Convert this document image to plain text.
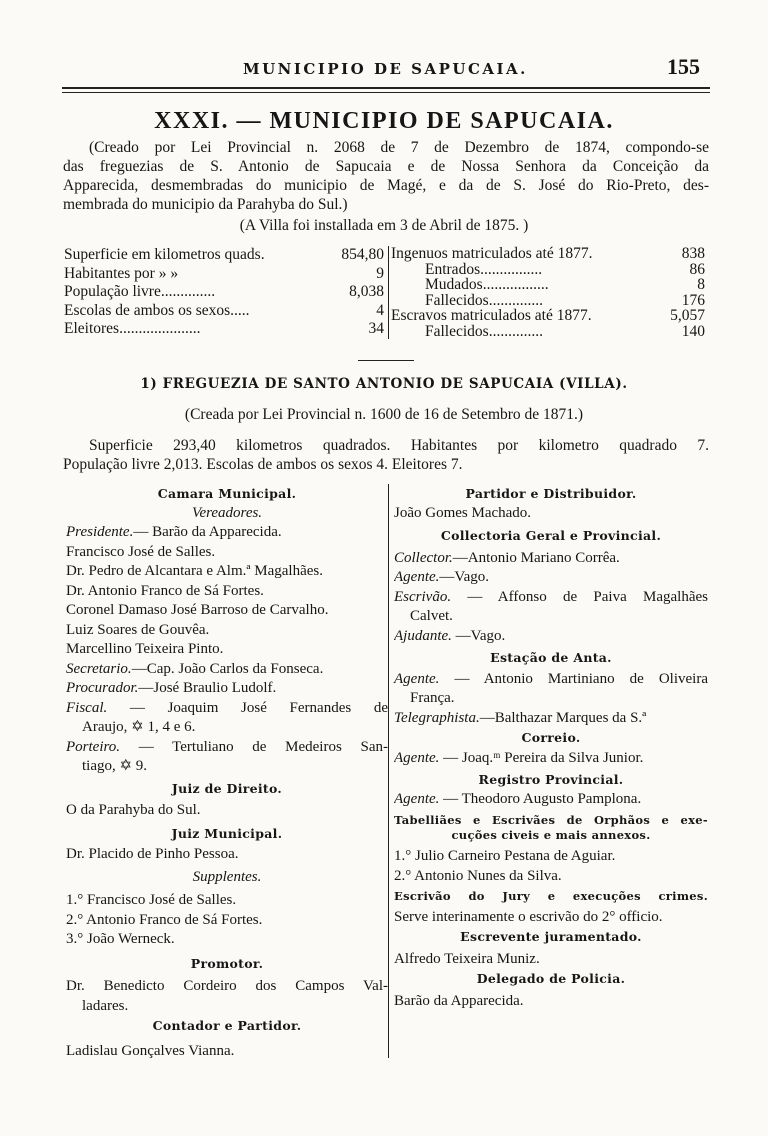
MUNICIPIO DE SAPUCAIA.	155
XXXI. — MUNICIPIO DE SAPUCAIA.
(Creado por Lei Provincial n. 2068 de 7 de Dezembro de 1874, compondo-se
das freguezias de S. Antonio de Sapucaia e de Nossa Senhora da Conceição da
Apparecida, desmembradas do municipio de Magé, e da de S. José do Rio-Preto, des-
membrada do municipio da Parahyba do Sul.)
(A Villa foi installada em 3 de Abril de 1875. )
Superficie em kilometros quads.	854,80
Habitantes por » »	9
População livre..............	8,038
Escolas de ambos os sexos.....	4
Eleitores.....................	34
Ingenuos matriculados até 1877.	838
Entrados................	86
Mudados.................	8
Fallecidos..............	176
Escravos matriculados até 1877.	5,057
Fallecidos..............	140
1) FREGUEZIA DE SANTO ANTONIO DE SAPUCAIA (VILLA).
(Creada por Lei Provincial n. 1600 de 16 de Setembro de 1871.)
Superficie 293,40 kilometros quadrados. Habitantes por kilometro quadrado 7.
População livre 2,013. Escolas de ambos os sexos 4. Eleitores 7.
Camara Municipal.
Vereadores.
Presidente.— Barão da Apparecida.
Francisco José de Salles.
Dr. Pedro de Alcantara e Alm.ª Magalhães.
Dr. Antonio Franco de Sá Fortes.
Coronel Damaso José Barroso de Carvalho.
Luiz Soares de Gouvêa.
Marcellino Teixeira Pinto.
Secretario.—Cap. João Carlos da Fonseca.
Procurador.—José Braulio Ludolf.
Fiscal. — Joaquim José Fernandes de
Araujo, ✡ 1, 4 e 6.
Porteiro. — Tertuliano de Medeiros San-
tiago, ✡ 9.
Juiz de Direito.
O da Parahyba do Sul.
Juiz Municipal.
Dr. Placido de Pinho Pessoa.
Supplentes.
1.° Francisco José de Salles.
2.° Antonio Franco de Sá Fortes.
3.° João Werneck.
Promotor.
Dr. Benedicto Cordeiro dos Campos Val-
ladares.
Contador e Partidor.
Ladislau Gonçalves Vianna.
Partidor e Distribuidor.
João Gomes Machado.
Collectoria Geral e Provincial.
Collector.—Antonio Mariano Corrêa.
Agente.—Vago.
Escrivão. — Affonso de Paiva Magalhães
Calvet.
Ajudante. —Vago.
Estação de Anta.
Agente. — Antonio Martiniano de Oliveira
França.
Telegraphista.—Balthazar Marques da S.ª
Correio.
Agente. — Joaq.ᵐ Pereira da Silva Junior.
Registro Provincial.
Agente. — Theodoro Augusto Pamplona.
Tabelliães e Escrivães de Orphãos e exe-
cuções civeis e mais annexos.
1.° Julio Carneiro Pestana de Aguiar.
2.° Antonio Nunes da Silva.
Escrivão do Jury e execuções crimes.
Serve interinamente o escrivão do 2° officio.
Escrevente juramentado.
Alfredo Teixeira Muniz.
Delegado de Policia.
Barão da Apparecida.
